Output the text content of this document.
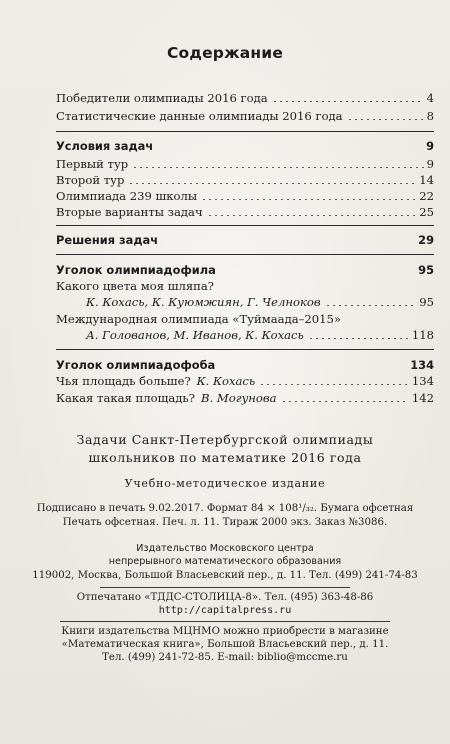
Содержание
Победители олимпиады 2016 года	4
Статистические данные олимпиады 2016 года	8
Условия задач	9
Первый тур	9
Второй тур	14
Олимпиада 239 школы	22
Вторые варианты задач	25
Решения задач	29
Уголок олимпиадофила	95
Какого цвета моя шляпа?
К. Кохась, К. Куюмжиян, Г. Челноков	95
Международная олимпиада «Туймаада–2015»
А. Голованов, М. Иванов, К. Кохась	118
Уголок олимпиадофоба	134
Чья площадь больше? К. Кохась	134
Какая такая площадь? В. Могунова	142
Задачи Санкт-Петербургской олимпиады
школьников по математике 2016 года
Учебно-методическое издание
Подписано в печать 9.02.2017. Формат 84 × 108¹/₃₂. Бумага офсетная
Печать офсетная. Печ. л. 11. Тираж 2000 экз. Заказ №3086.
Издательство Московского центра
непрерывного математического образования
119002, Москва, Большой Власьевский пер., д. 11. Тел. (499) 241-74-83
Отпечатано «ТДДС-СТОЛИЦА-8». Тел. (495) 363-48-86
http://capitalpress.ru
Книги издательства МЦНМО можно приобрести в магазине
«Математическая книга», Большой Власьевский пер., д. 11.
Тел. (499) 241-72-85. E-mail: biblio@mccme.ru
